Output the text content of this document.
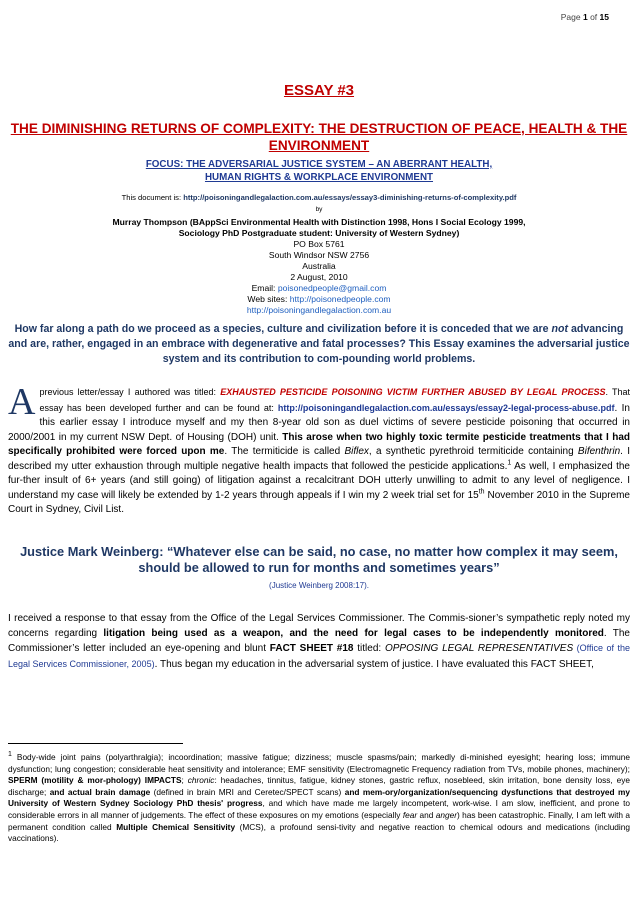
Page 1 of 15
ESSAY #3
THE DIMINISHING RETURNS OF COMPLEXITY: THE DESTRUCTION OF PEACE, HEALTH & THE ENVIRONMENT
FOCUS: THE ADVERSARIAL JUSTICE SYSTEM – AN ABERRANT HEALTH,
HUMAN RIGHTS & WORKPLACE ENVIRONMENT
This document is: http://poisoningandlegalaction.com.au/essays/essay3-diminishing-returns-of-complexity.pdf
by
Murray Thompson (BAppSci Environmental Health with Distinction 1998, Hons I Social Ecology 1999,
Sociology PhD Postgraduate student: University of Western Sydney)
PO Box 5761
South Windsor NSW 2756
Australia
2 August, 2010
Email: poisonedpeople@gmail.com
Web sites: http://poisonedpeople.com
http://poisoningandlegalaction.com.au
How far along a path do we proceed as a species, culture and civilization before it is conceded that we are not advancing and are, rather, engaged in an embrace with degenerative and fatal processes? This Essay examines the adversarial justice system and its contribution to com-pounding world problems.
A previous letter/essay I authored was titled: EXHAUSTED PESTICIDE POISONING VICTIM FURTHER ABUSED BY LEGAL PROCESS. That essay has been developed further and can be found at: http://poisoningandlegalaction.com.au/essays/essay2-legal-process-abuse.pdf. In this earlier essay I introduce myself and my then 8-year old son as duel victims of severe pesticide poisoning that occurred in 2000/2001 in my current NSW Dept. of Housing (DOH) unit. This arose when two highly toxic termite pesticide treatments that I had specifically prohibited were forced upon me. The termiticide is called Biflex, a synthetic pyrethroid termiticide containing Bifenthrin. I described my utter exhaustion through multiple negative health impacts that followed the pesticide applications.$^1$ As well, I emphasized the fur-ther insult of 6+ years (and still going) of litigation against a recalcitrant DOH utterly unwilling to admit to any level of negligence. I understand my case will likely be extended by 1-2 years through appeals if I win my 2 week trial set for 15th November 2010 in the Supreme Court in Sydney, Civil List.
Justice Mark Weinberg: “Whatever else can be said, no case, no matter how complex it may seem, should be allowed to run for months and sometimes years”
(Justice Weinberg 2008:17).
I received a response to that essay from the Office of the Legal Services Commissioner. The Commis-sioner’s sympathetic reply noted my concerns regarding litigation being used as a weapon, and the need for legal cases to be independently monitored. The Commissioner’s letter included an eye-opening and blunt FACT SHEET #18 titled: OPPOSING LEGAL REPRESENTATIVES (Office of the Legal Services Commissioner, 2005). Thus began my education in the adversarial system of justice. I have evaluated this FACT SHEET,
$^1$ Body-wide joint pains (polyarthralgia); incoordination; massive fatigue; dizziness; muscle spasms/pain; markedly di-minished eyesight; hearing loss; immune dysfunction; lung congestion; considerable heat sensitivity and intolerance; EMF sensitivity (Electromagnetic Frequency radiation from TVs, mobile phones, machinery); SPERM (motility & mor-phology) IMPACTS; chronic: headaches, tinnitus, fatigue, kidney stones, gastric reflux, nosebleed, skin irritation, bone density loss, eye discharge; and actual brain damage (defined in brain MRI and Ceretec/SPECT scans) and mem-ory/organization/sequencing dysfunctions that destroyed my University of Western Sydney Sociology PhD thesis' progress, and which have made me largely incompetent, work-wise. I am slow, inefficient, and prone to considerable errors in all manner of judgements. The effect of these exposures on my emotions (especially fear and anger) has been catastrophic. Finally, I am left with a permanent condition called Multiple Chemical Sensitivity (MCS), a profound sensi-tivity and negative reaction to chemical odours and medications (including vaccinations).
